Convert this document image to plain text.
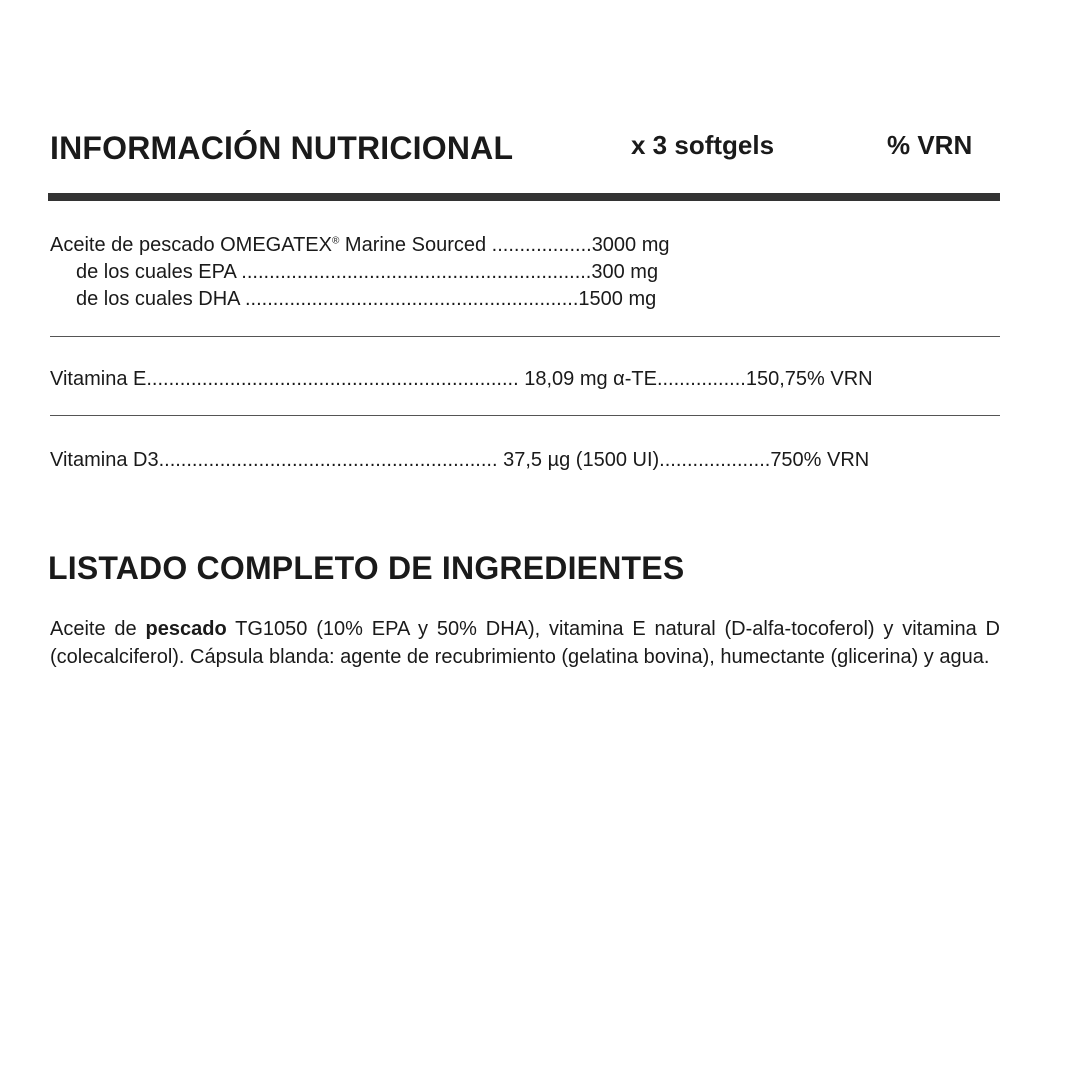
INFORMACIÓN NUTRICIONAL	x 3 softgels	% VRN
Aceite de pescado OMEGATEX® Marine Sourced ..................3000 mg
de los cuales EPA ...............................................................300 mg
de los cuales DHA ............................................................1500 mg
Vitamina E................................................................... 18,09 mg α-TE................150,75% VRN
Vitamina D3............................................................. 37,5 µg (1500 UI)....................750% VRN
LISTADO COMPLETO DE INGREDIENTES
Aceite de pescado TG1050 (10% EPA y 50% DHA), vitamina E natural (D-alfa-tocoferol) y vitamina D (colecalciferol). Cápsula blanda: agente de recubrimiento (gelatina bovina), humectante (glicerina) y agua.
